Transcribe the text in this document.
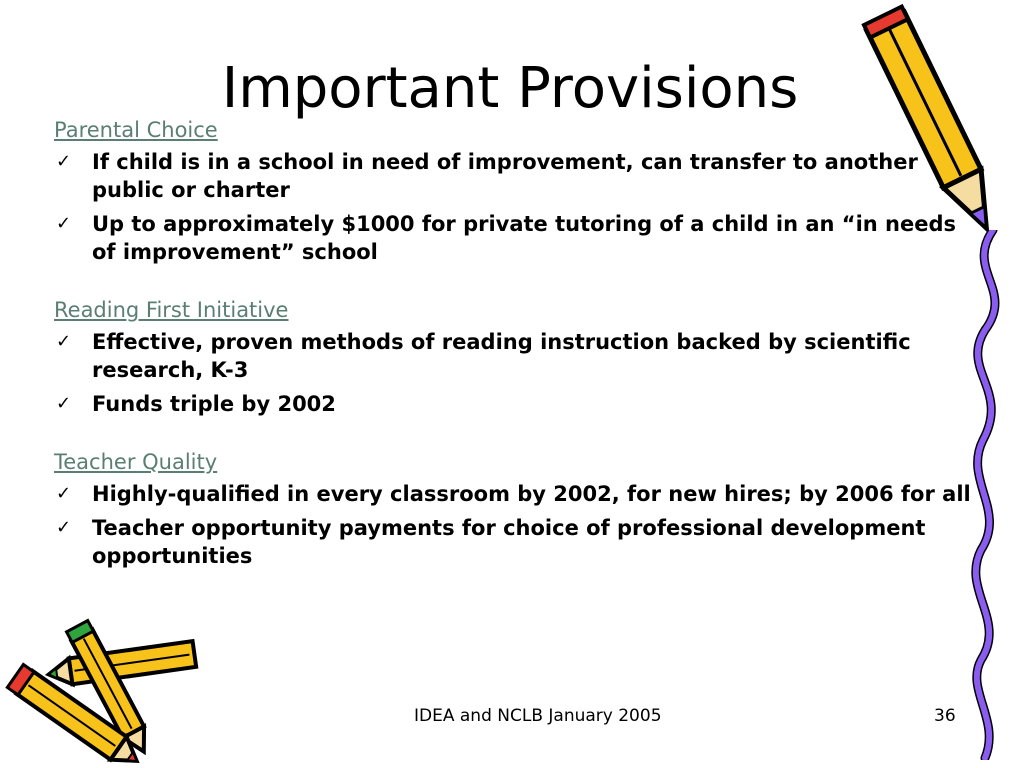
Important Provisions
Parental Choice
✓ If child is in a school in need of improvement, can transfer to another public or charter
✓ Up to approximately $1000 for private tutoring of a child in an “in needs of improvement” school
Reading First Initiative
✓ Effective, proven methods of reading instruction backed by scientific research, K-3
✓ Funds triple by 2002
Teacher Quality
✓ Highly-qualified in every classroom by 2002, for new hires; by 2006 for all
✓ Teacher opportunity payments for choice of professional development opportunities
IDEA and NCLB January 2005	36
